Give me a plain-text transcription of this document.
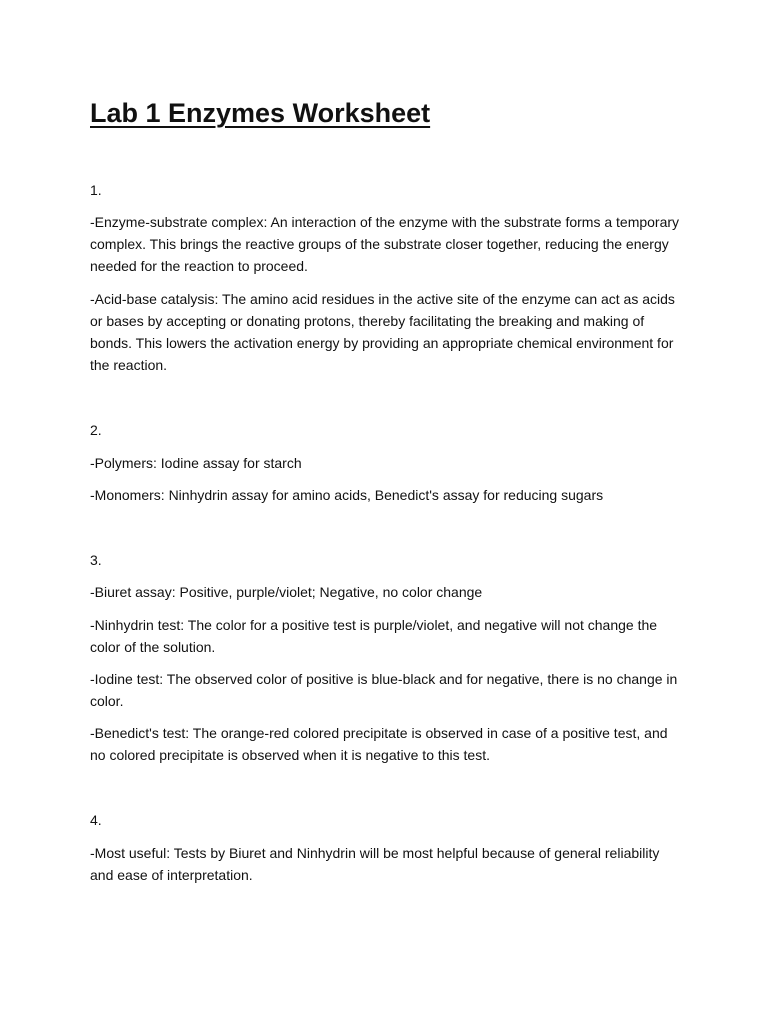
Lab 1 Enzymes Worksheet

1.

-Enzyme-substrate complex: An interaction of the enzyme with the substrate forms a temporary complex. This brings the reactive groups of the substrate closer together, reducing the energy needed for the reaction to proceed.

-Acid-base catalysis: The amino acid residues in the active site of the enzyme can act as acids or bases by accepting or donating protons, thereby facilitating the breaking and making of bonds. This lowers the activation energy by providing an appropriate chemical environment for the reaction.

2.

-Polymers: Iodine assay for starch

-Monomers: Ninhydrin assay for amino acids, Benedict's assay for reducing sugars

3.

-Biuret assay: Positive, purple/violet; Negative, no color change

-Ninhydrin test: The color for a positive test is purple/violet, and negative will not change the color of the solution.

-Iodine test: The observed color of positive is blue-black and for negative, there is no change in color.

-Benedict's test: The orange-red colored precipitate is observed in case of a positive test, and no colored precipitate is observed when it is negative to this test.

4.

-Most useful: Tests by Biuret and Ninhydrin will be most helpful because of general reliability and ease of interpretation.
